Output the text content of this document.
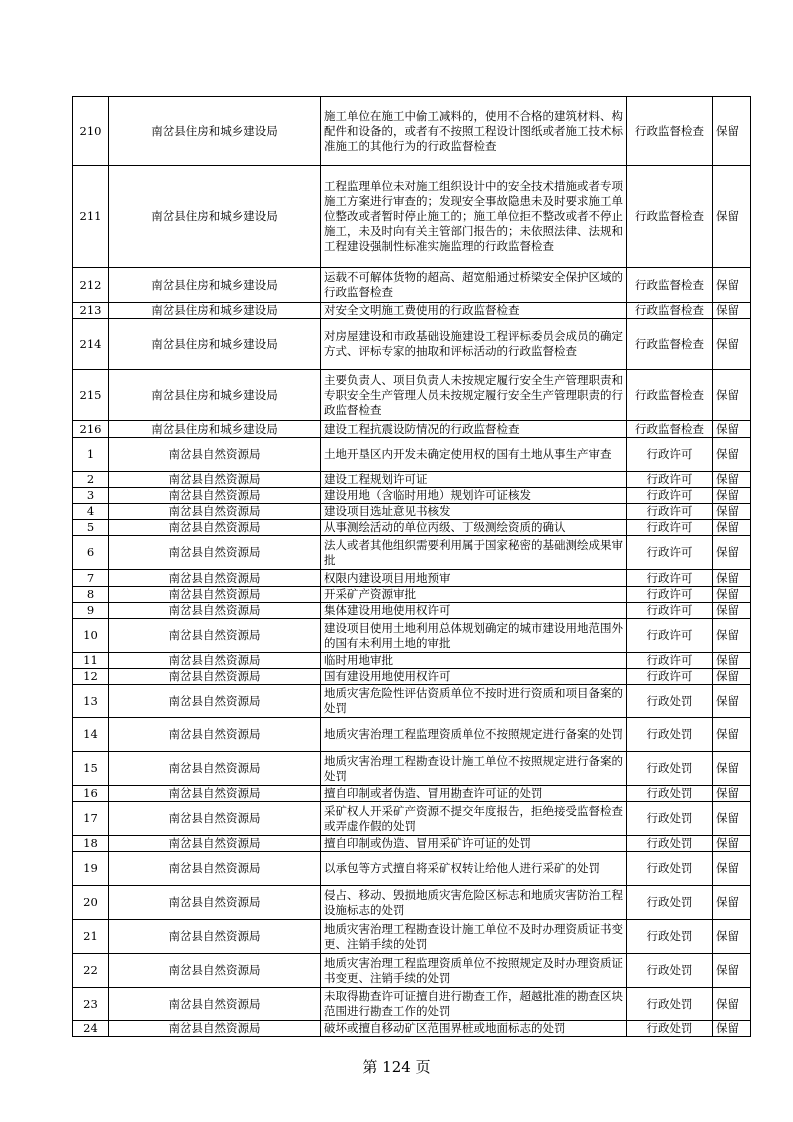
210	南岔县住房和城乡建设局	施工单位在施工中偷工减料的，使用不合格的建筑材料、构配件和设备的，或者有不按照工程设计图纸或者施工技术标准施工的其他行为的行政监督检查	行政监督检查	保留
211	南岔县住房和城乡建设局	工程监理单位未对施工组织设计中的安全技术措施或者专项施工方案进行审查的；发现安全事故隐患未及时要求施工单位整改或者暂时停止施工的；施工单位拒不整改或者不停止施工，未及时向有关主管部门报告的；未依照法律、法规和工程建设强制性标准实施监理的行政监督检查	行政监督检查	保留
212	南岔县住房和城乡建设局	运载不可解体货物的超高、超宽船通过桥梁安全保护区域的行政监督检查	行政监督检查	保留
213	南岔县住房和城乡建设局	对安全文明施工费使用的行政监督检查	行政监督检查	保留
214	南岔县住房和城乡建设局	对房屋建设和市政基础设施建设工程评标委员会成员的确定方式、评标专家的抽取和评标活动的行政监督检查	行政监督检查	保留
215	南岔县住房和城乡建设局	主要负责人、项目负责人未按规定履行安全生产管理职责和专职安全生产管理人员未按规定履行安全生产管理职责的行政监督检查	行政监督检查	保留
216	南岔县住房和城乡建设局	建设工程抗震设防情况的行政监督检查	行政监督检查	保留
1	南岔县自然资源局	土地开垦区内开发未确定使用权的国有土地从事生产审查	行政许可	保留
2	南岔县自然资源局	建设工程规划许可证	行政许可	保留
3	南岔县自然资源局	建设用地（含临时用地）规划许可证核发	行政许可	保留
4	南岔县自然资源局	建设项目选址意见书核发	行政许可	保留
5	南岔县自然资源局	从事测绘活动的单位丙级、丁级测绘资质的确认	行政许可	保留
6	南岔县自然资源局	法人或者其他组织需要利用属于国家秘密的基础测绘成果审批	行政许可	保留
7	南岔县自然资源局	权限内建设项目用地预审	行政许可	保留
8	南岔县自然资源局	开采矿产资源审批	行政许可	保留
9	南岔县自然资源局	集体建设用地使用权许可	行政许可	保留
10	南岔县自然资源局	建设项目使用土地利用总体规划确定的城市建设用地范围外的国有未利用土地的审批	行政许可	保留
11	南岔县自然资源局	临时用地审批	行政许可	保留
12	南岔县自然资源局	国有建设用地使用权许可	行政许可	保留
13	南岔县自然资源局	地质灾害危险性评估资质单位不按时进行资质和项目备案的处罚	行政处罚	保留
14	南岔县自然资源局	地质灾害治理工程监理资质单位不按照规定进行备案的处罚	行政处罚	保留
15	南岔县自然资源局	地质灾害治理工程勘查设计施工单位不按照规定进行备案的处罚	行政处罚	保留
16	南岔县自然资源局	擅自印制或者伪造、冒用勘查许可证的处罚	行政处罚	保留
17	南岔县自然资源局	采矿权人开采矿产资源不提交年度报告，拒绝接受监督检查或弄虚作假的处罚	行政处罚	保留
18	南岔县自然资源局	擅自印制或伪造、冒用采矿许可证的处罚	行政处罚	保留
19	南岔县自然资源局	以承包等方式擅自将采矿权转让给他人进行采矿的处罚	行政处罚	保留
20	南岔县自然资源局	侵占、移动、毁损地质灾害危险区标志和地质灾害防治工程设施标志的处罚	行政处罚	保留
21	南岔县自然资源局	地质灾害治理工程勘查设计施工单位不及时办理资质证书变更、注销手续的处罚	行政处罚	保留
22	南岔县自然资源局	地质灾害治理工程监理资质单位不按照规定及时办理资质证书变更、注销手续的处罚	行政处罚	保留
23	南岔县自然资源局	未取得勘查许可证擅自进行勘查工作，超越批准的勘查区块范围进行勘查工作的处罚	行政处罚	保留
24	南岔县自然资源局	破坏或擅自移动矿区范围界桩或地面标志的处罚	行政处罚	保留
第 124 页
